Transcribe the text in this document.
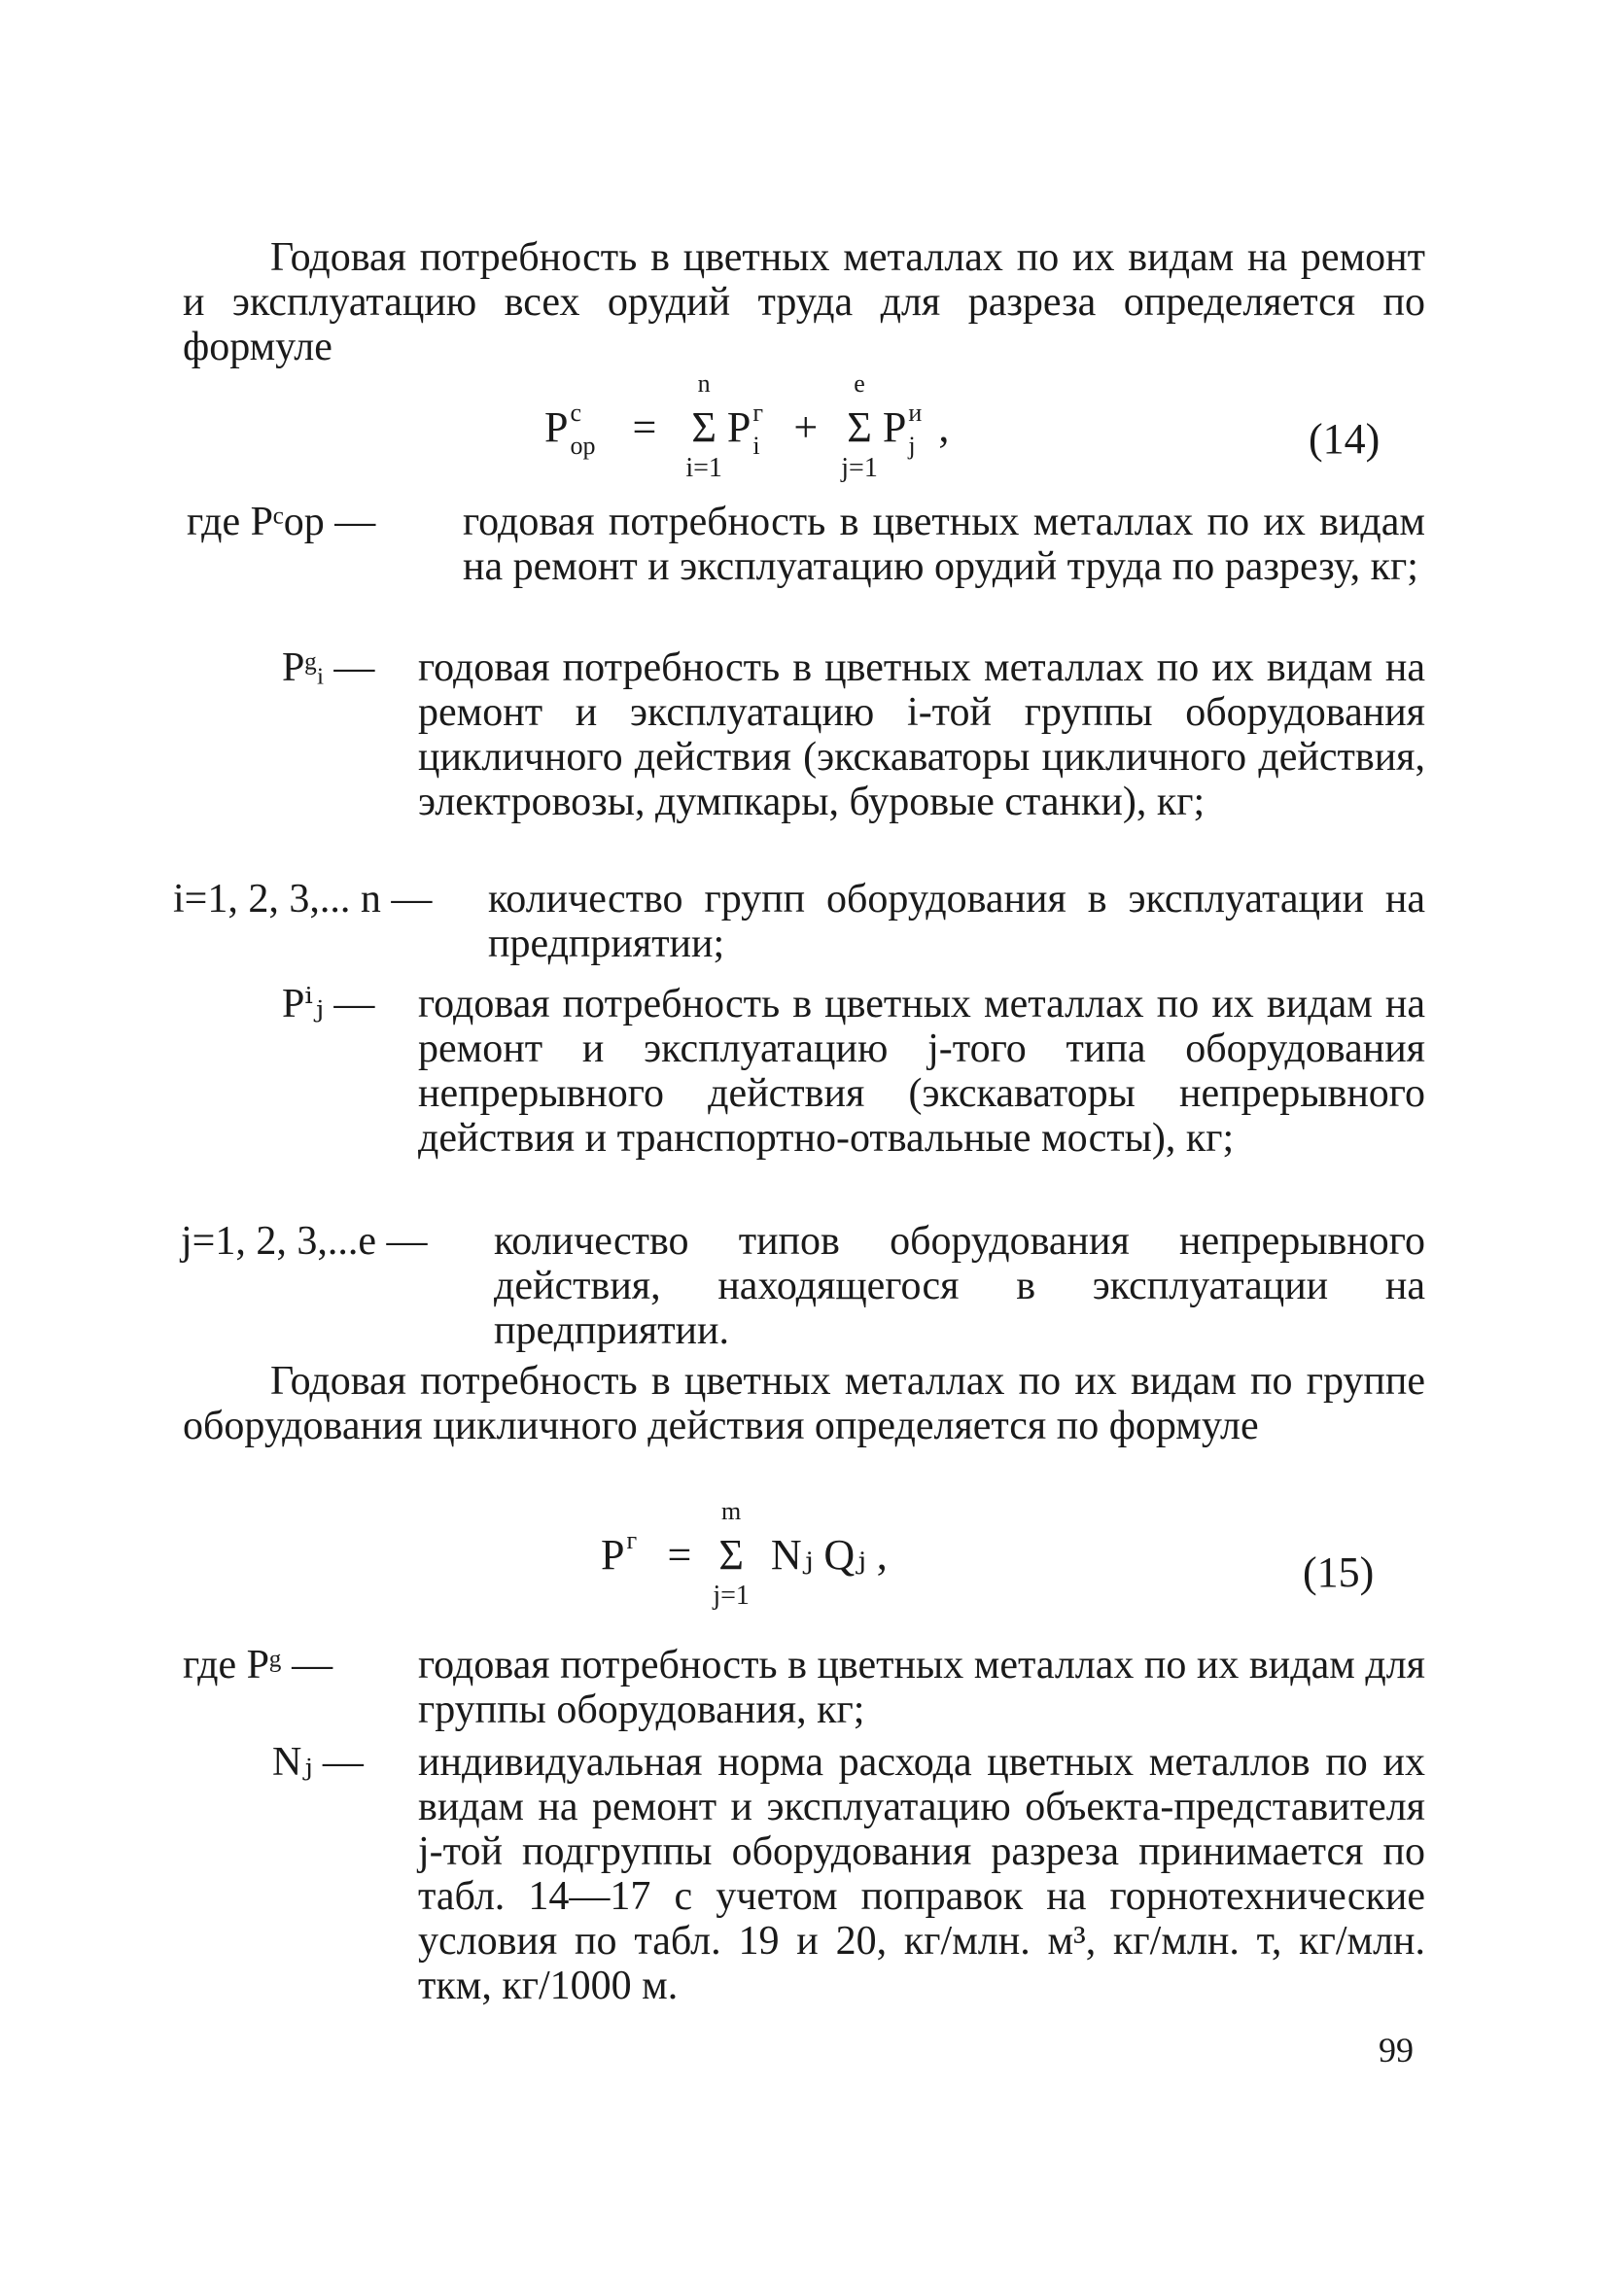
Годовая потребность в цветных металлах по их видам на ремонт и эксплуатацию всех орудий труда для разреза определяется по формуле
P с
ор =
n
Σ
i=1
P г
i +
e
Σ
j=1
P и
j ,	(14)
где Pᶜор — годовая потребность в цветных металлах по их видам на ремонт и эксплуатацию орудий труда по разрезу, кг;
Pᵍᵢ — годовая потребность в цветных металлах по их видам на ремонт и эксплуатацию i-той группы оборудования цикличного действия (экскаваторы цикличного действия, электровозы, думпкары, буровые станки), кг;
i=1, 2, 3,... n — количество групп оборудования в эксплуатации на предприятии;
Pⁱⱼ — годовая потребность в цветных металлах по их видам на ремонт и эксплуатацию j-того типа оборудования непрерывного действия (экскаваторы непрерывного действия и транспортно-отвальные мосты), кг;
j=1, 2, 3,...e — количество типов оборудования непрерывного действия, находящегося в эксплуатации на предприятии.
Годовая потребность в цветных металлах по их видам по группе оборудования цикличного действия определяется по формуле
P г =
m
Σ
j=1
Nⱼ Qⱼ ,	(15)
где Pᵍ — годовая потребность в цветных металлах по их видам для группы оборудования, кг;
Nⱼ — индивидуальная норма расхода цветных металлов по их видам на ремонт и эксплуатацию объекта-представителя j-той подгруппы оборудования разреза принимается по табл. 14—17 с учетом поправок на горнотехнические условия по табл. 19 и 20, кг/млн. м³, кг/млн. т, кг/млн. ткм, кг/1000 м.
99
